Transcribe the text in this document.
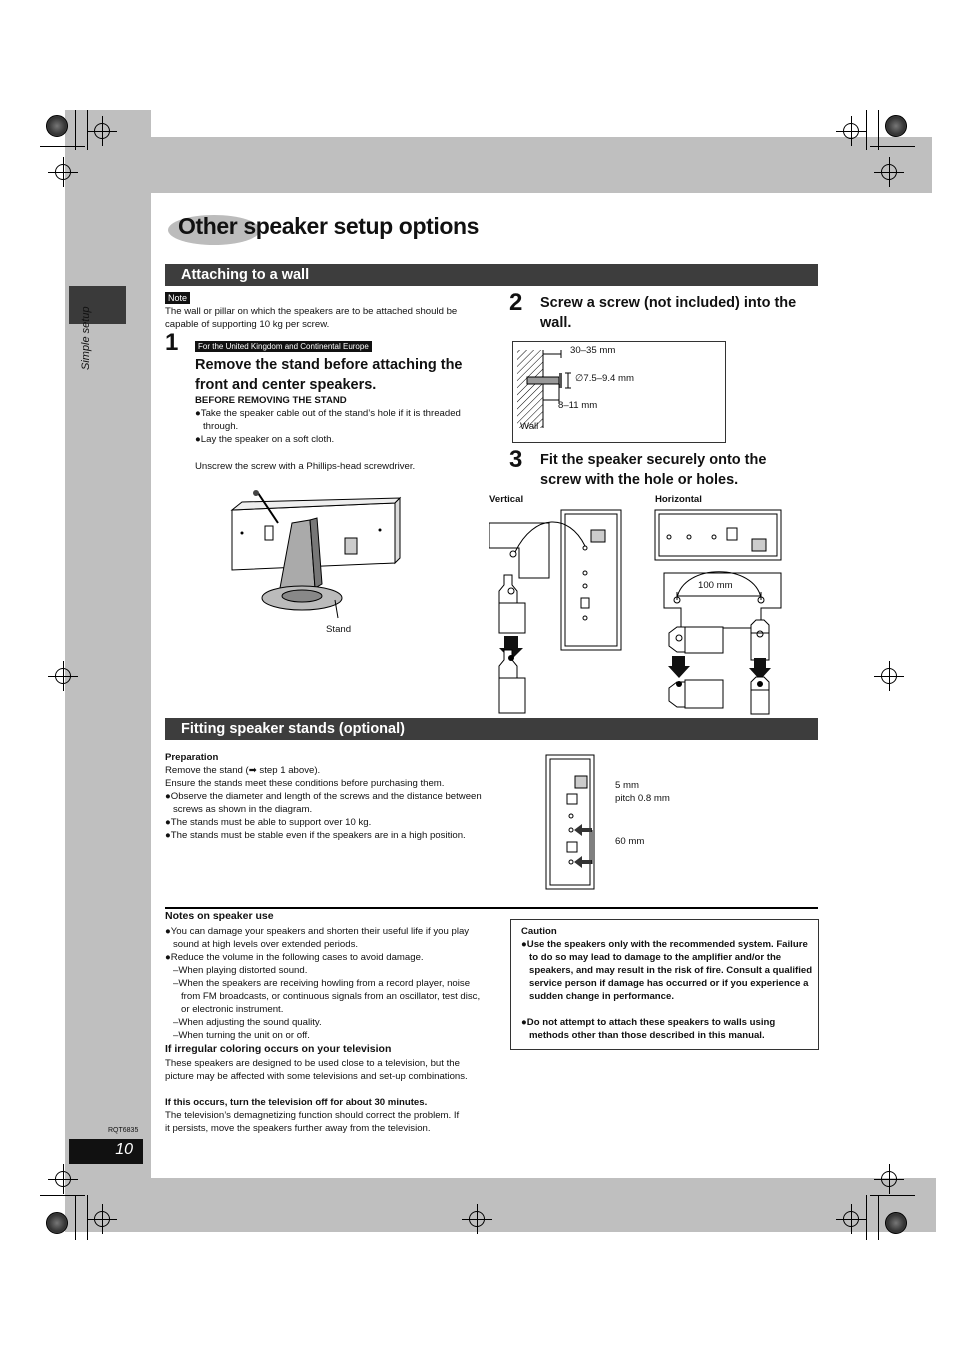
Simple setup
Other speaker setup options
Attaching to a wall
Note

The wall or pillar on which the speakers are to be attached should be capable of supporting 10 kg per screw.

1	For the United Kingdom and Continental Europe

Remove the stand before attaching the front and center speakers.

BEFORE REMOVING THE STAND

●Take the speaker cable out of the stand’s hole if it is threaded through.

●Lay the speaker on a soft cloth.

Unscrew the screw with a Phillips-head screwdriver.

Stand

2 Screw a screw (not included) into the wall.

30–35 mm

∅7.5–9.4 mm

8–11 mm

Wall

3 Fit the speaker securely onto the screw with the hole or holes.

Vertical	Horizontal

100 mm

Fitting speaker stands (optional)

Preparation

Remove the stand (➡ step 1 above).

Ensure the stands meet these conditions before purchasing them.

●Observe the diameter and length of the screws and the distance between screws as shown in the diagram.

●The stands must be able to support over 10 kg.

●The stands must be stable even if the speakers are in a high position.

5 mm

pitch 0.8 mm

60 mm

Notes on speaker use

●You can damage your speakers and shorten their useful life if you play sound at high levels over extended periods.

●Reduce the volume in the following cases to avoid damage.

–When playing distorted sound.

–When the speakers are receiving howling from a record player, noise from FM broadcasts, or continuous signals from an oscillator, test disc, or electronic instrument.

–When adjusting the sound quality.

–When turning the unit on or off.

If irregular coloring occurs on your television

These speakers are designed to be used close to a television, but the picture may be affected with some televisions and set-up combinations.

If this occurs, turn the television off for about 30 minutes.

The television’s demagnetizing function should correct the problem. If it persists, move the speakers further away from the television.

Caution

●Use the speakers only with the recommended system. Failure to do so may lead to damage to the amplifier and/or the speakers, and may result in the risk of fire. Consult a qualified service person if damage has occurred or if you experience a sudden change in performance.

●Do not attempt to attach these speakers to walls using methods other than those described in this manual.

RQT6835

10
